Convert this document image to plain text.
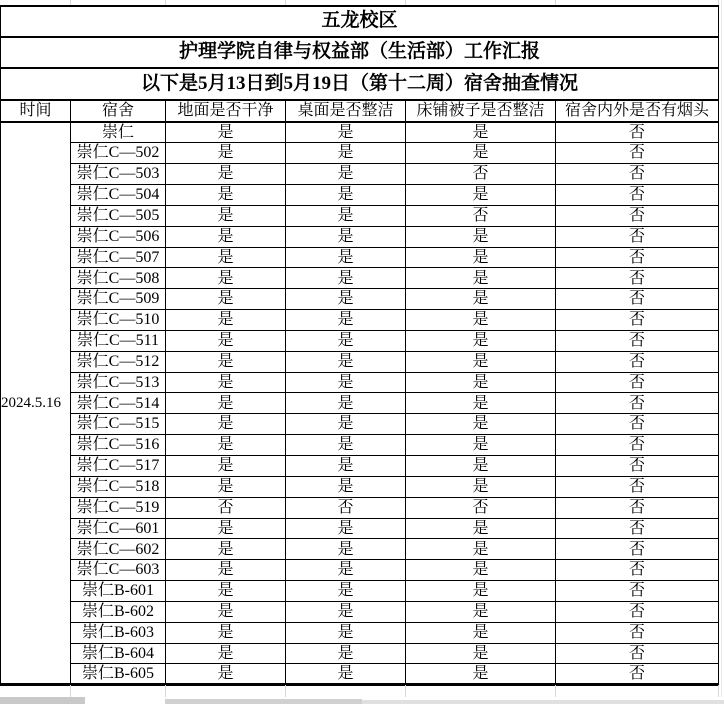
五龙校区					
护理学院自律与权益部（生活部）工作汇报					
以下是5月13日到5月19日（第十二周）宿舍抽查情况					
时间	宿舍	地面是否干净	桌面是否整洁	床铺被子是否整洁	宿舍内外是否有烟头
2024.5.16	崇仁	是	是	是	否
	崇仁C—502	是	是	是	否
	崇仁C—503	是	是	否	否
	崇仁C—504	是	是	是	否
	崇仁C—505	是	是	否	否
	崇仁C—506	是	是	是	否
	崇仁C—507	是	是	是	否
	崇仁C—508	是	是	是	否
	崇仁C—509	是	是	是	否
	崇仁C—510	是	是	是	否
	崇仁C—511	是	是	是	否
	崇仁C—512	是	是	是	否
	崇仁C—513	是	是	是	否
	崇仁C—514	是	是	是	否
	崇仁C—515	是	是	是	否
	崇仁C—516	是	是	是	否
	崇仁C—517	是	是	是	否
	崇仁C—518	是	是	是	否
	崇仁C—519	否	否	否	否
	崇仁C—601	是	是	是	否
	崇仁C—602	是	是	是	否
	崇仁C—603	是	是	是	否
	崇仁B-601	是	是	是	否
	崇仁B-602	是	是	是	否
	崇仁B-603	是	是	是	否
	崇仁B-604	是	是	是	否
	崇仁B-605	是	是	是	否
